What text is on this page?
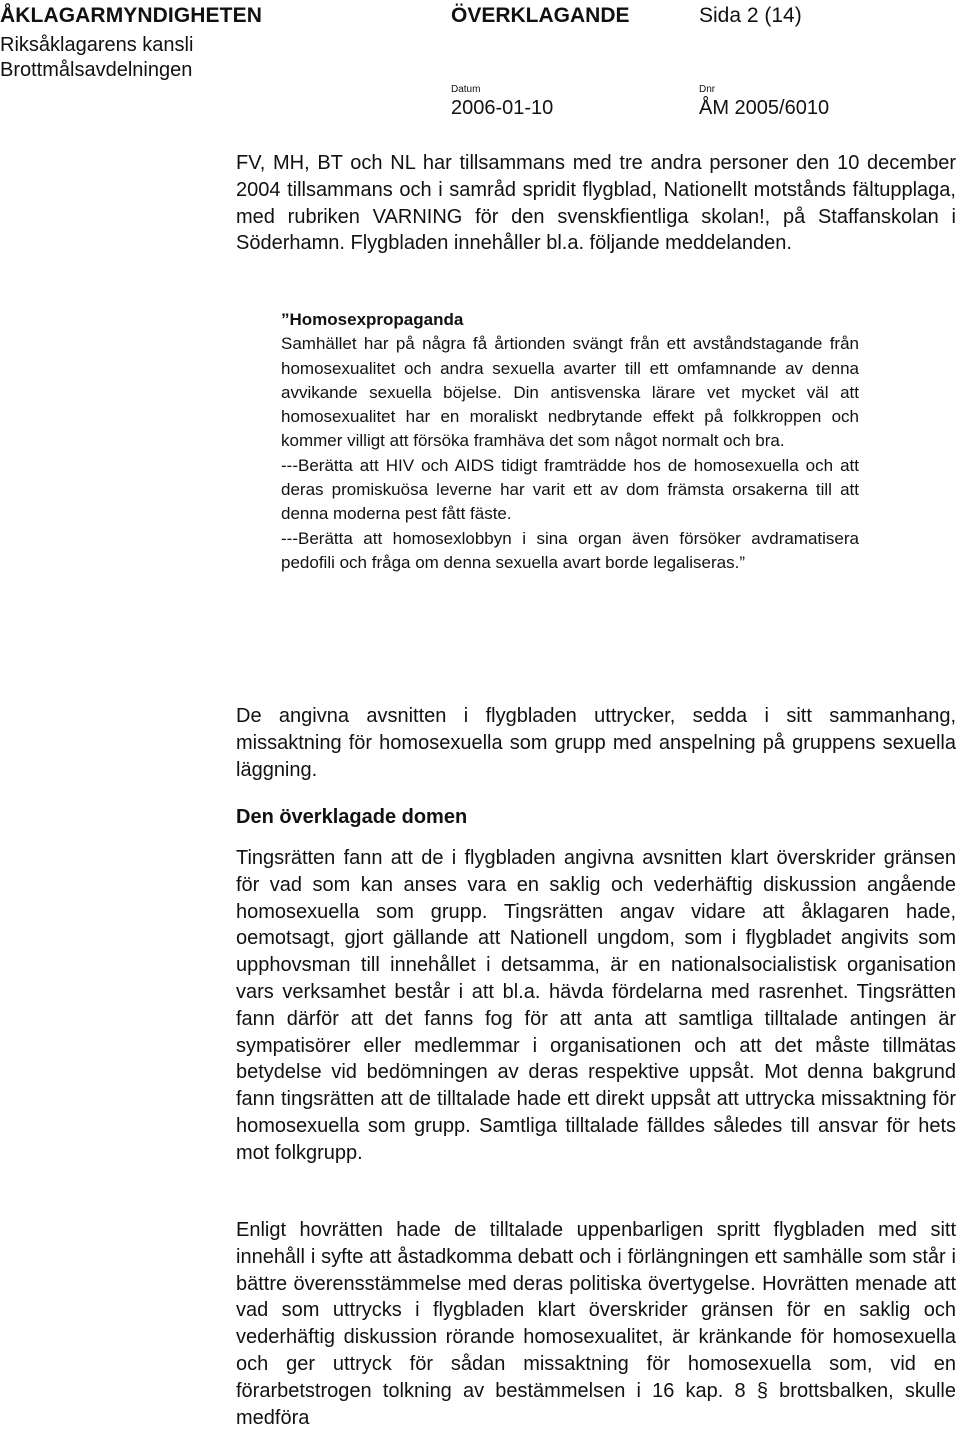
ÅKLAGARMYNDIGHETEN
Riksåklagarens kansli
Brottmålsavdelningen
ÖVERKLAGANDE	Sida 2 (14)
Datum	Dnr
2006-01-10	ÅM 2005/6010

FV, MH, BT och NL har tillsammans med tre andra personer den 10 december 2004 tillsammans och i samråd spridit flygblad, Nationellt motstånds fältupplaga, med rubriken VARNING för den svenskfientliga skolan!, på Staffanskolan i Söderhamn. Flygbladen innehåller bl.a. följande meddelanden.

”Homosexpropaganda

Samhället har på några få årtionden svängt från ett avståndstagande från homosexualitet och andra sexuella avarter till ett omfamnande av denna avvikande sexuella böjelse. Din antisvenska lärare vet mycket väl att homosexualitet har en moraliskt nedbrytande effekt på folkkroppen och kommer villigt att försöka framhäva det som något normalt och bra.

---Berätta att HIV och AIDS tidigt framträdde hos de homosexuella och att deras promiskuösa leverne har varit ett av dom främsta orsakerna till att denna moderna pest fått fäste.

---Berätta att homosexlobbyn i sina organ även försöker avdramatisera pedofili och fråga om denna sexuella avart borde legaliseras.”

De angivna avsnitten i flygbladen uttrycker, sedda i sitt sammanhang, missaktning för homosexuella som grupp med anspelning på gruppens sexuella läggning.

Den överklagade domen

Tingsrätten fann att de i flygbladen angivna avsnitten klart överskrider gränsen för vad som kan anses vara en saklig och vederhäftig diskussion angående homosexuella som grupp. Tingsrätten angav vidare att åklagaren hade, oemotsagt, gjort gällande att Nationell ungdom, som i flygbladet angivits som upphovsman till innehållet i detsamma, är en nationalsocialistisk organisation vars verksamhet består i att bl.a. hävda fördelarna med rasrenhet. Tingsrätten fann därför att det fanns fog för att anta att samtliga tilltalade antingen är sympatisörer eller medlemmar i organisationen och att det måste tillmätas betydelse vid bedömningen av deras respektive uppsåt. Mot denna bakgrund fann tingsrätten att de tilltalade hade ett direkt uppsåt att uttrycka missaktning för homosexuella som grupp. Samtliga tilltalade fälldes således till ansvar för hets mot folkgrupp.

Enligt hovrätten hade de tilltalade uppenbarligen spritt flygbladen med sitt innehåll i syfte att åstadkomma debatt och i förlängningen ett samhälle som står i bättre överensstämmelse med deras politiska övertygelse. Hovrätten menade att vad som uttrycks i flygbladen klart överskrider gränsen för en saklig och vederhäftig diskussion rörande homosexualitet, är kränkande för homosexuella och ger uttryck för sådan missaktning för homosexuella som, vid en förarbetstrogen tolkning av bestämmelsen i 16 kap. 8 § brottsbalken, skulle medföra
